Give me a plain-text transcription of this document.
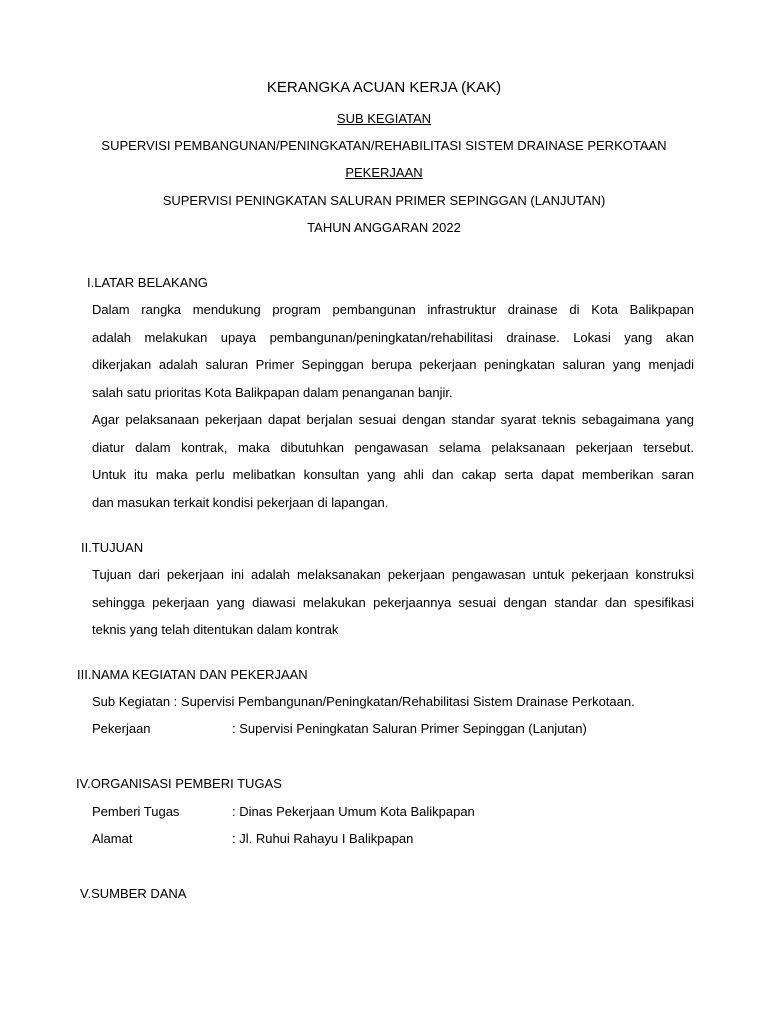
KERANGKA ACUAN KERJA (KAK)
SUB KEGIATAN
SUPERVISI PEMBANGUNAN/PENINGKATAN/REHABILITASI SISTEM DRAINASE PERKOTAAN
PEKERJAAN
SUPERVISI PENINGKATAN SALURAN PRIMER SEPINGGAN (LANJUTAN)
TAHUN ANGGARAN 2022
I.LATAR BELAKANG
Dalam rangka mendukung program pembangunan infrastruktur drainase di Kota Balikpapan
adalah melakukan upaya pembangunan/peningkatan/rehabilitasi drainase. Lokasi yang akan
dikerjakan adalah saluran Primer Sepinggan berupa pekerjaan peningkatan saluran yang menjadi
salah satu prioritas Kota Balikpapan dalam penanganan banjir.
Agar pelaksanaan pekerjaan dapat berjalan sesuai dengan standar syarat teknis sebagaimana yang
diatur dalam kontrak, maka dibutuhkan pengawasan selama pelaksanaan pekerjaan tersebut.
Untuk itu maka perlu melibatkan konsultan yang ahli dan cakap serta dapat memberikan saran
dan masukan terkait kondisi pekerjaan di lapangan.
II.TUJUAN
Tujuan dari pekerjaan ini adalah melaksanakan pekerjaan pengawasan untuk pekerjaan konstruksi
sehingga pekerjaan yang diawasi melakukan pekerjaannya sesuai dengan standar dan spesifikasi
teknis yang telah ditentukan dalam kontrak
III.NAMA KEGIATAN DAN PEKERJAAN
Sub Kegiatan : Supervisi Pembangunan/Peningkatan/Rehabilitasi Sistem Drainase Perkotaan.
Pekerjaan	: Supervisi Peningkatan Saluran Primer Sepinggan (Lanjutan)
IV.ORGANISASI PEMBERI TUGAS
Pemberi Tugas	: Dinas Pekerjaan Umum Kota Balikpapan
Alamat	: Jl. Ruhui Rahayu I Balikpapan
V.SUMBER DANA
